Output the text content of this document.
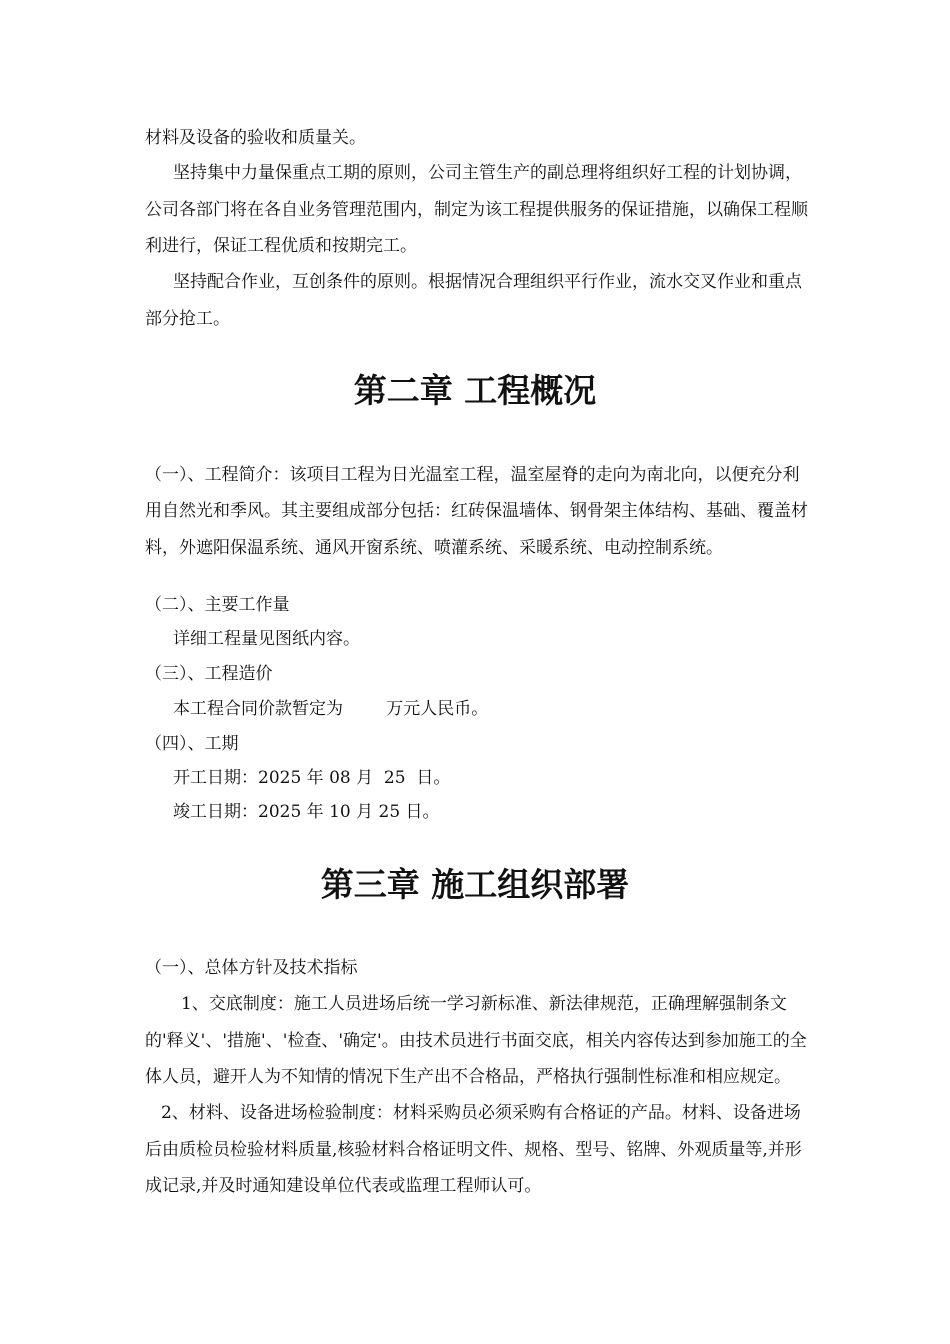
材料及设备的验收和质量关。
坚持集中力量保重点工期的原则，公司主管生产的副总理将组织好工程的计划协调，
公司各部门将在各自业务管理范围内，制定为该工程提供服务的保证措施，以确保工程顺
利进行，保证工程优质和按期完工。
坚持配合作业，互创条件的原则。根据情况合理组织平行作业，流水交叉作业和重点
部分抢工。
第二章 工程概况
（一）、工程简介：该项目工程为日光温室工程，温室屋脊的走向为南北向，以便充分利
用自然光和季风。其主要组成部分包括：红砖保温墙体、钢骨架主体结构、基础、覆盖材
料，外遮阳保温系统、通风开窗系统、喷灌系统、采暖系统、电动控制系统。
（二）、主要工作量
详细工程量见图纸内容。
（三）、工程造价
本工程合同价款暂定为        万元人民币。
（四）、工期
开工日期：2025 年 08 月  25  日。
竣工日期：2025 年 10 月 25 日。
第三章 施工组织部署
（一）、总体方针及技术指标
1、交底制度：施工人员进场后统一学习新标准、新法律规范，正确理解强制条文
的'释义'、'措施'、'检查、'确定'。由技术员进行书面交底，相关内容传达到参加施工的全
体人员，避开人为不知情的情况下生产出不合格品，严格执行强制性标准和相应规定。
2、材料、设备进场检验制度：材料采购员必须采购有合格证的产品。材料、设备进场
后由质检员检验材料质量,核验材料合格证明文件、规格、型号、铭牌、外观质量等,并形
成记录,并及时通知建设单位代表或监理工程师认可。
